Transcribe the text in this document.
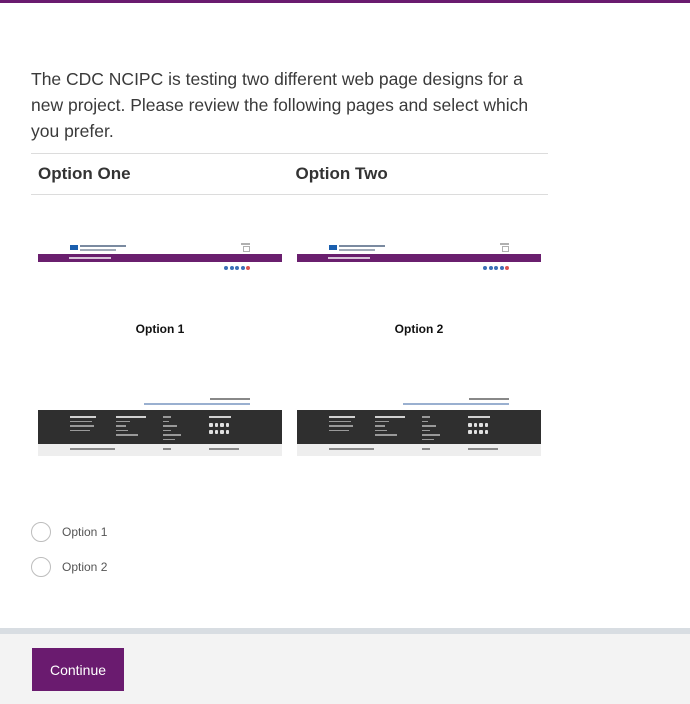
The CDC NCIPC is testing two different web page designs for a new project. Please review the following pages and select which you prefer.

Option One	Option Two
Option 1	Option 2
Option 1
Option 2
Continue
